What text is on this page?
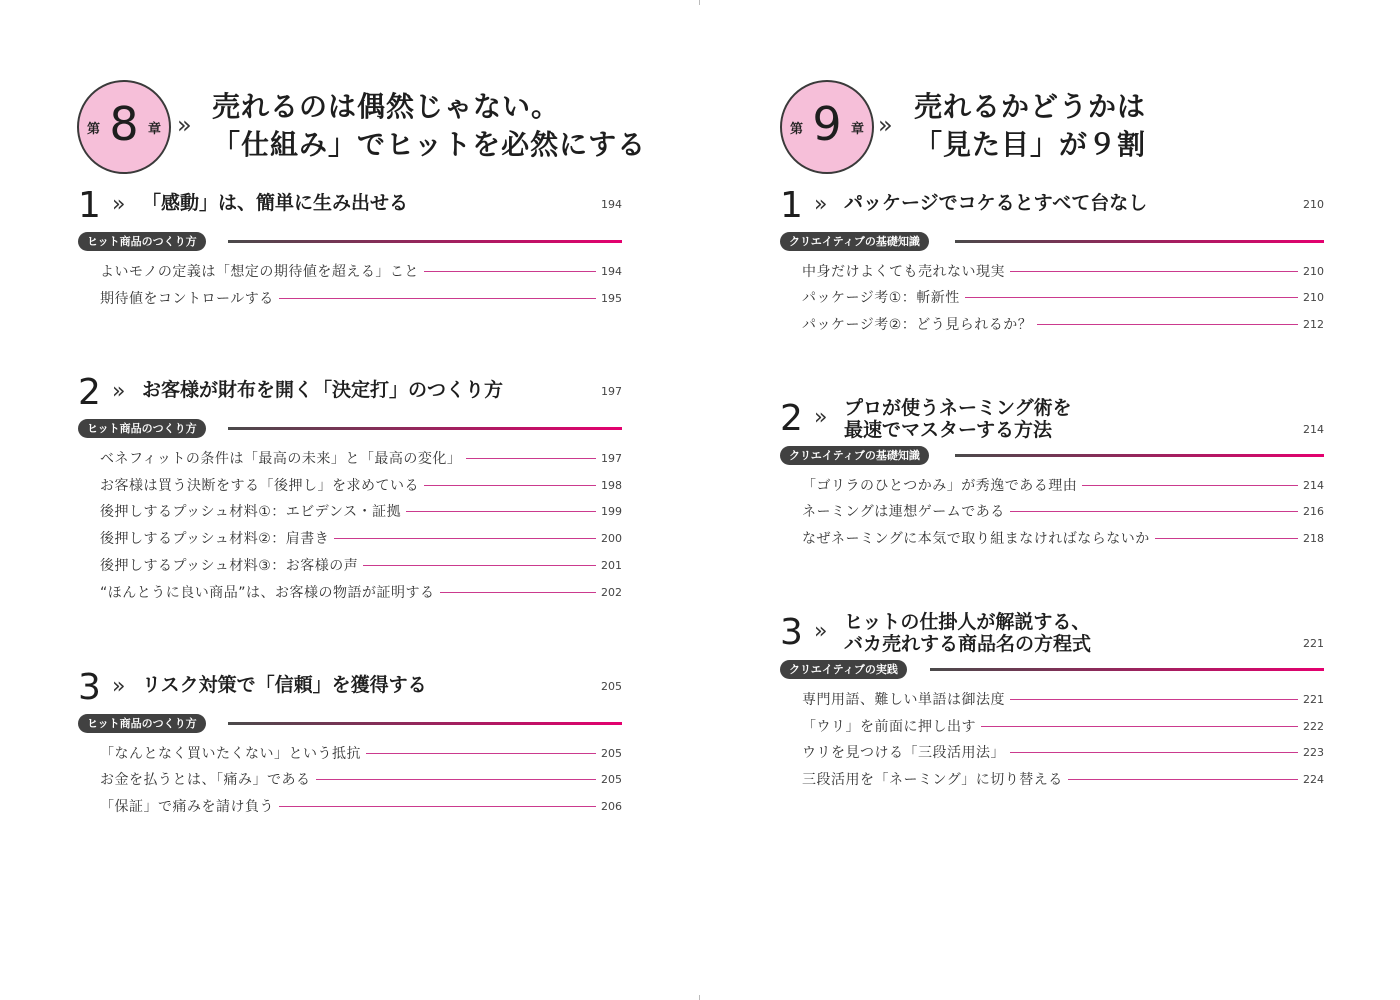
第 8 章 »
売れるのは偶然じゃない。
「仕組み」でヒットを必然にする
1 » 「感動」は、簡単に生み出せる	194
ヒット商品のつくり方
よいモノの定義は「想定の期待値を超える」こと	194
期待値をコントロールする	195
2 » お客様が財布を開く「決定打」のつくり方	197
ヒット商品のつくり方
ベネフィットの条件は「最高の未来」と「最高の変化」	197
お客様は買う決断をする「後押し」を求めている	198
後押しするプッシュ材料①：エビデンス・証拠	199
後押しするプッシュ材料②：肩書き	200
後押しするプッシュ材料③：お客様の声	201
“ほんとうに良い商品”は、お客様の物語が証明する	202
3 » リスク対策で「信頼」を獲得する	205
ヒット商品のつくり方
「なんとなく買いたくない」という抵抗	205
お金を払うとは、「痛み」である	205
「保証」で痛みを請け負う	206
第 9 章 »
売れるかどうかは
「見た目」が９割
1 » パッケージでコケるとすべて台なし	210
クリエイティブの基礎知識
中身だけよくても売れない現実	210
パッケージ考①：斬新性	210
パッケージ考②：どう見られるか？	212
2 » プロが使うネーミング術を
最速でマスターする方法	214
クリエイティブの基礎知識
「ゴリラのひとつかみ」が秀逸である理由	214
ネーミングは連想ゲームである	216
なぜネーミングに本気で取り組まなければならないか	218
3 » ヒットの仕掛人が解説する、
バカ売れする商品名の方程式	221
クリエイティブの実践
専門用語、難しい単語は御法度	221
「ウリ」を前面に押し出す	222
ウリを見つける「三段活用法」	223
三段活用を「ネーミング」に切り替える	224
